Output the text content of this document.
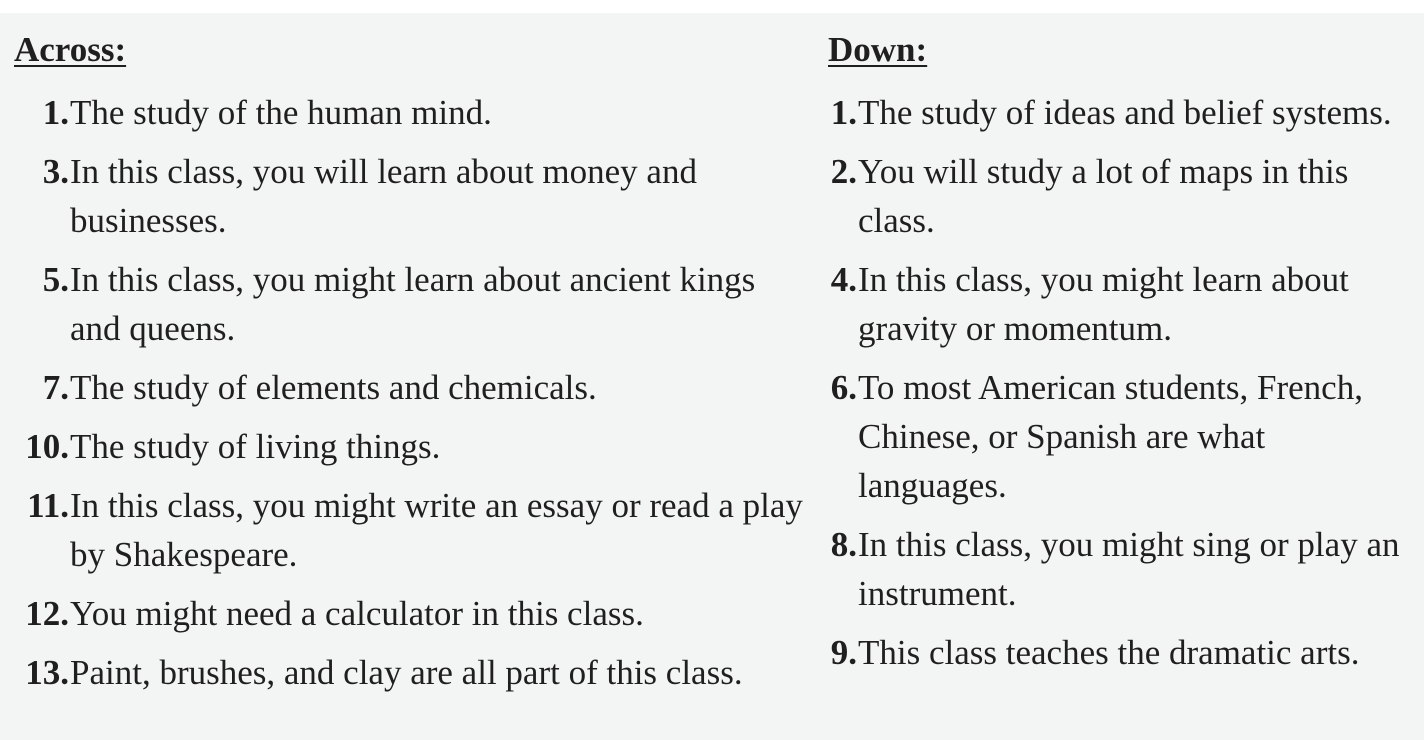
Across:
1. The study of the human mind.
3. In this class, you will learn about money and businesses.
5. In this class, you might learn about ancient kings and queens.
7. The study of elements and chemicals.
10. The study of living things.
11. In this class, you might write an essay or read a play by Shakespeare.
12. You might need a calculator in this class.
13. Paint, brushes, and clay are all part of this class.
Down:
1. The study of ideas and belief systems.
2. You will study a lot of maps in this class.
4. In this class, you might learn about gravity or momentum.
6. To most American students, French, Chinese, or Spanish are what languages.
8. In this class, you might sing or play an instrument.
9. This class teaches the dramatic arts.
